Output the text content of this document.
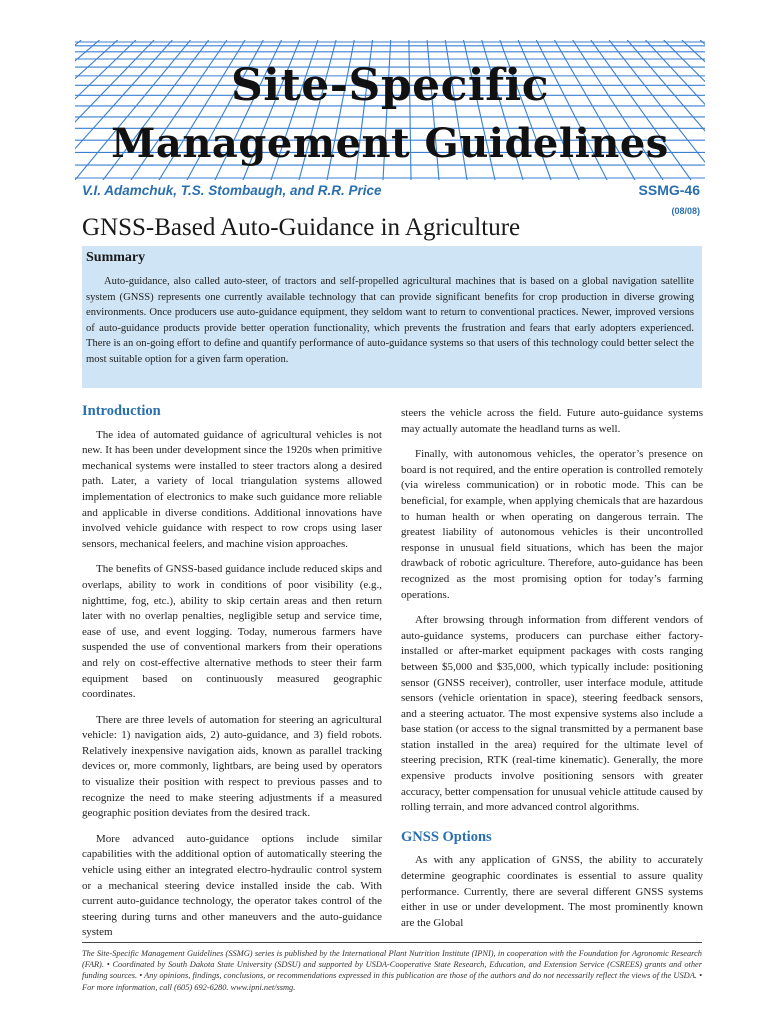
Site-Specific
Management Guidelines
V.I. Adamchuk, T.S. Stombaugh, and R.R. Price	SSMG-46
(08/08)
GNSS-Based Auto-Guidance in Agriculture
Summary
Auto-guidance, also called auto-steer, of tractors and self-propelled agricultural machines that is based on a global navigation satellite system (GNSS) represents one currently available technology that can provide significant benefits for crop production in diverse growing environments. Once producers use auto-guidance equipment, they seldom want to return to conventional practices. Newer, improved versions of auto-guidance products provide better operation functionality, which prevents the frustration and fears that early adopters experienced. There is an on-going effort to define and quantify performance of auto-guidance systems so that users of this technology could better select the most suitable option for a given farm operation.
Introduction

The idea of automated guidance of agricultural vehicles is not new. It has been under development since the 1920s when primitive mechanical systems were installed to steer tractors along a desired path. Later, a variety of local triangulation systems allowed implementation of electronics to make such guidance more reliable and applicable in diverse conditions. Additional innovations have involved vehicle guidance with respect to row crops using laser sensors, mechanical feelers, and machine vision approaches.

The benefits of GNSS-based guidance include reduced skips and overlaps, ability to work in conditions of poor visibility (e.g., nighttime, fog, etc.), ability to skip certain areas and then return later with no overlap penalties, negligible setup and service time, ease of use, and event logging. Today, numerous farmers have suspended the use of conventional markers from their operations and rely on cost-effective alternative methods to steer their farm equipment based on continuously measured geographic coordinates.

There are three levels of automation for steering an agricultural vehicle: 1) navigation aids, 2) auto-guidance, and 3) field robots. Relatively inexpensive navigation aids, known as parallel tracking devices or, more commonly, lightbars, are being used by operators to visualize their position with respect to previous passes and to recognize the need to make steering adjustments if a measured geographic position deviates from the desired track.

More advanced auto-guidance options include similar capabilities with the additional option of automatically steering the vehicle using either an integrated electro-hydraulic control system or a mechanical steering device installed inside the cab. With current auto-guidance technology, the operator takes control of the steering during turns and other maneuvers and the auto-guidance system

steers the vehicle across the field. Future auto-guidance systems may actually automate the headland turns as well.

Finally, with autonomous vehicles, the operator’s presence on board is not required, and the entire operation is controlled remotely (via wireless communication) or in robotic mode. This can be beneficial, for example, when applying chemicals that are hazardous to human health or when operating on dangerous terrain. The greatest liability of autonomous vehicles is their uncontrolled response in unusual field situations, which has been the major drawback of robotic agriculture. Therefore, auto-guidance has been recognized as the most promising option for today’s farming operations.

After browsing through information from different vendors of auto-guidance systems, producers can purchase either factory-installed or after-market equipment packages with costs ranging between $5,000 and $35,000, which typically include: positioning sensor (GNSS receiver), controller, user interface module, attitude sensors (vehicle orientation in space), steering feedback sensors, and a steering actuator. The most expensive systems also include a base station (or access to the signal transmitted by a permanent base station installed in the area) required for the ultimate level of steering precision, RTK (real-time kinematic). Generally, the more expensive products involve positioning sensors with greater accuracy, better compensation for unusual vehicle attitude caused by rolling terrain, and more advanced control algorithms.

GNSS Options

As with any application of GNSS, the ability to accurately determine geographic coordinates is essential to assure quality performance. Currently, there are several different GNSS systems either in use or under development. The most prominently known are the Global

The Site-Specific Management Guidelines (SSMG) series is published by the International Plant Nutrition Institute (IPNI), in cooperation with the Foundation for Agronomic Research (FAR). • Coordinated by South Dakota State University (SDSU) and supported by USDA-Cooperative State Research, Education, and Extension Service (CSREES) grants and other funding sources. • Any opinions, findings, conclusions, or recommendations expressed in this publication are those of the authors and do not necessarily reflect the views of the USDA. • For more information, call (605) 692-6280. www.ipni.net/ssmg.
